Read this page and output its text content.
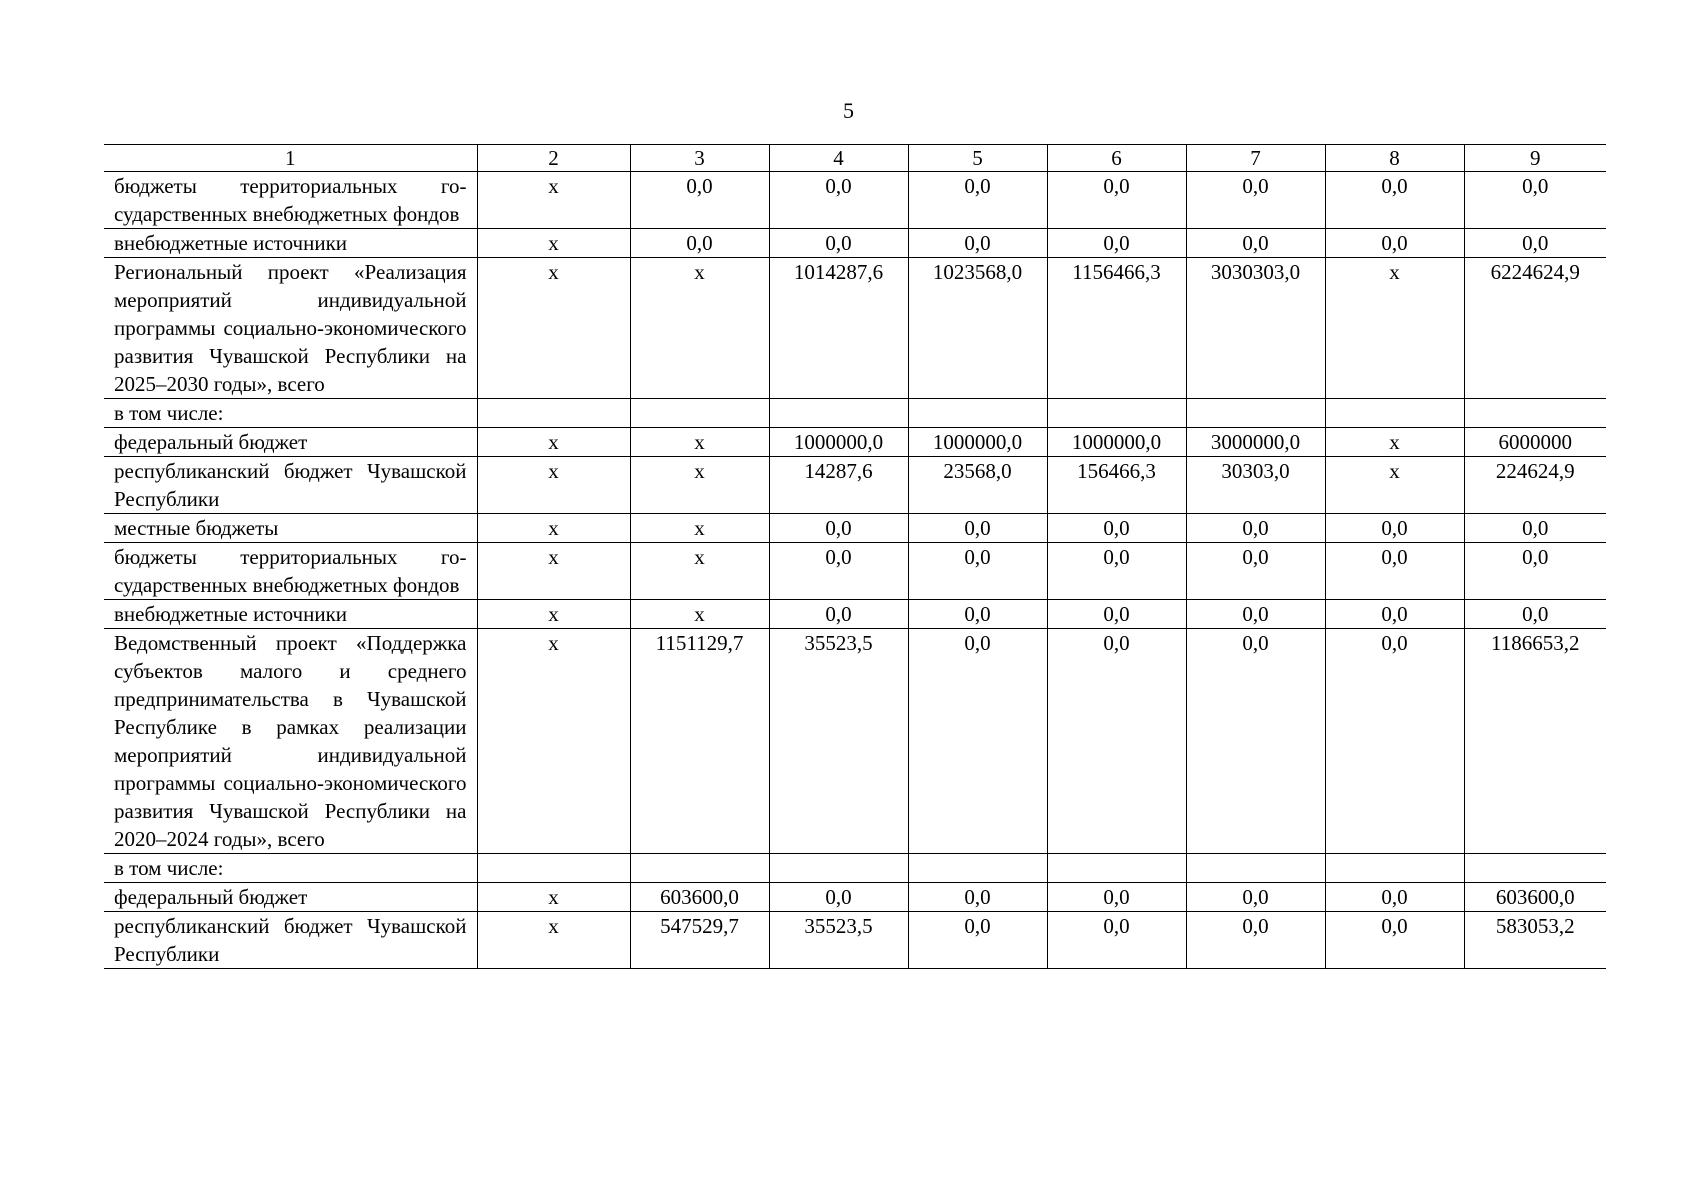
5
1	2	3	4	5	6	7	8	9
бюджеты территориальных государственных внебюджетных фондов	x	0,0	0,0	0,0	0,0	0,0	0,0	0,0
внебюджетные источники	x	0,0	0,0	0,0	0,0	0,0	0,0	0,0
Региональный проект «Реализация мероприятий индивидуальной программы социально-экономического развития Чувашской Республики на 2025–2030 годы», всего	x	x	1014287,6	1023568,0	1156466,3	3030303,0	x	6224624,9
в том числе:								
федеральный бюджет	x	x	1000000,0	1000000,0	1000000,0	3000000,0	x	6000000
республиканский бюджет Чувашской Республики	x	x	14287,6	23568,0	156466,3	30303,0	x	224624,9
местные бюджеты	x	x	0,0	0,0	0,0	0,0	0,0	0,0
бюджеты территориальных государственных внебюджетных фондов	x	x	0,0	0,0	0,0	0,0	0,0	0,0
внебюджетные источники	x	x	0,0	0,0	0,0	0,0	0,0	0,0
Ведомственный проект «Поддержка субъектов малого и среднего предпринимательства в Чувашской Республике в рамках реализации мероприятий индивидуальной программы социально-экономического развития Чувашской Республики на 2020–2024 годы», всего	x	1151129,7	35523,5	0,0	0,0	0,0	0,0	1186653,2
в том числе:								
федеральный бюджет	x	603600,0	0,0	0,0	0,0	0,0	0,0	603600,0
республиканский бюджет Чувашской Республики	x	547529,7	35523,5	0,0	0,0	0,0	0,0	583053,2
